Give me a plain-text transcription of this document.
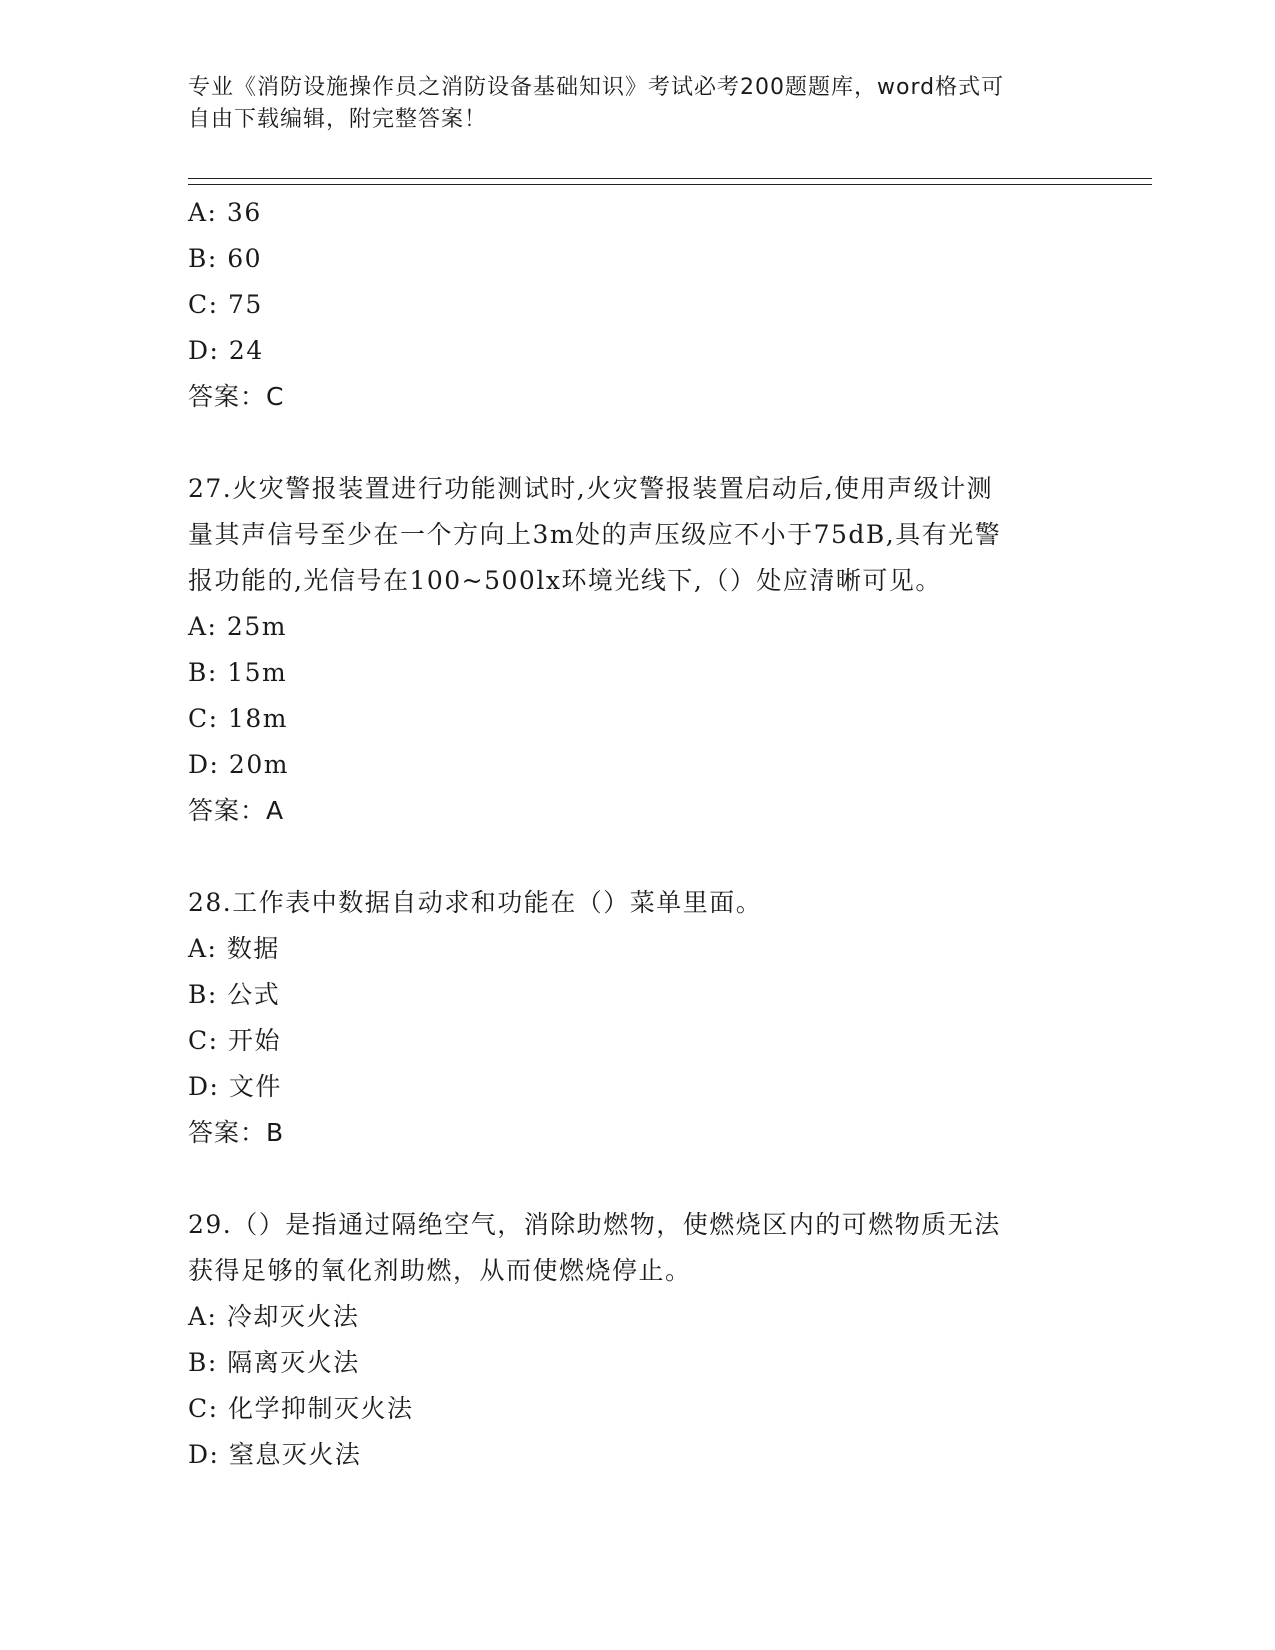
专业《消防设施操作员之消防设备基础知识》考试必考200题题库，word格式可
自由下载编辑，附完整答案！
A: 36
B: 60
C: 75
D: 24
答案：C
27.火灾警报装置进行功能测试时,火灾警报装置启动后,使用声级计测
量其声信号至少在一个方向上3m处的声压级应不小于75dB,具有光警
报功能的,光信号在100~500lx环境光线下,（）处应清晰可见。
A: 25m
B: 15m
C: 18m
D: 20m
答案：A
28.工作表中数据自动求和功能在（）菜单里面。
A: 数据
B: 公式
C: 开始
D: 文件
答案：B
29.（）是指通过隔绝空气，消除助燃物，使燃烧区内的可燃物质无法
获得足够的氧化剂助燃，从而使燃烧停止。
A: 冷却灭火法
B: 隔离灭火法
C: 化学抑制灭火法
D: 窒息灭火法
